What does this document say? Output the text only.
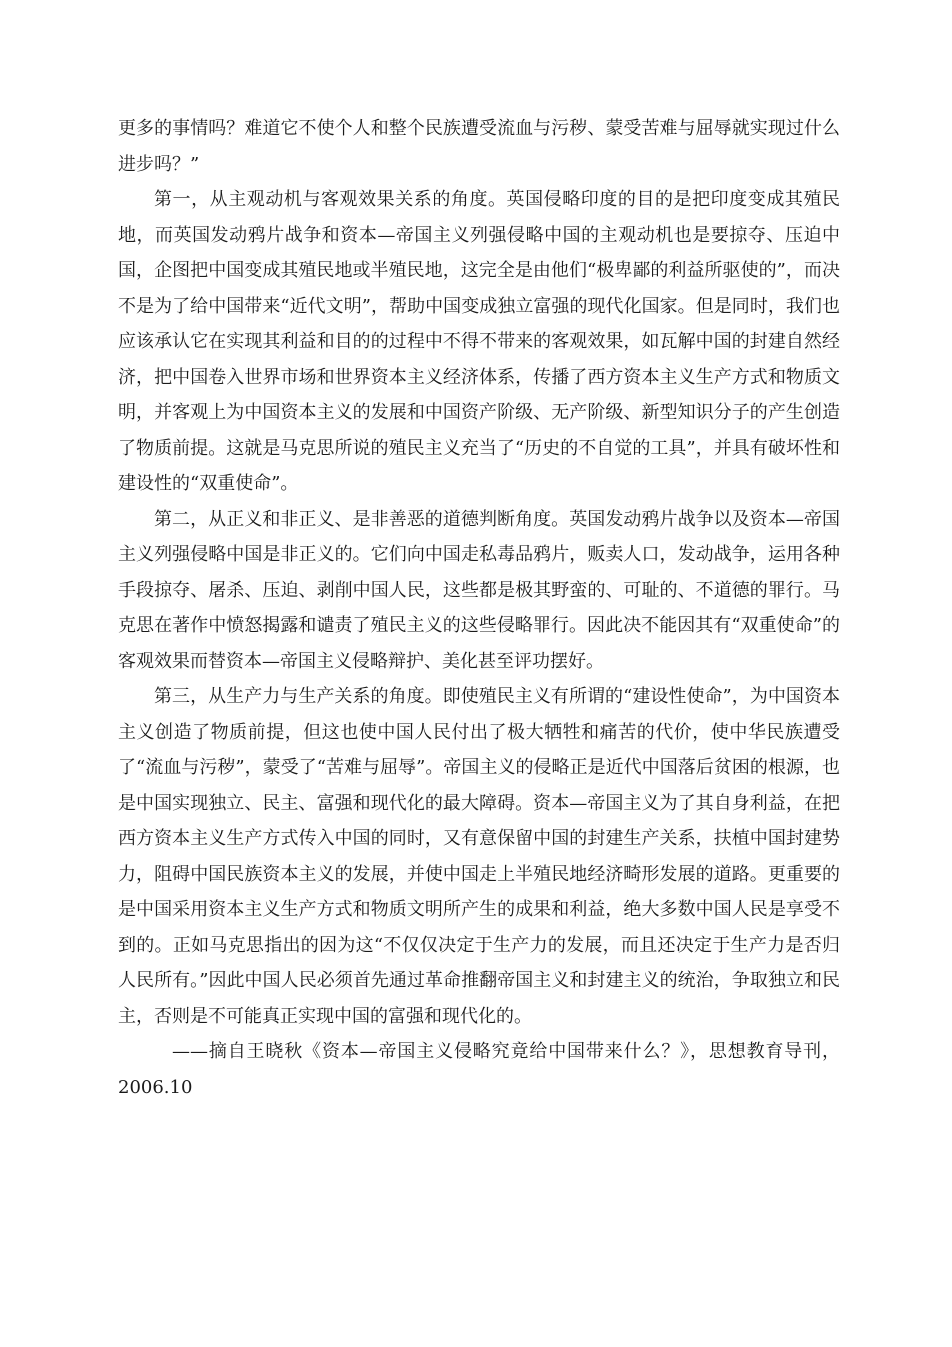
更多的事情吗？难道它不使个人和整个民族遭受流血与污秽、蒙受苦难与屈辱就实现过什么进步吗？”

第一，从主观动机与客观效果关系的角度。英国侵略印度的目的是把印度变成其殖民地，而英国发动鸦片战争和资本—帝国主义列强侵略中国的主观动机也是要掠夺、压迫中国，企图把中国变成其殖民地或半殖民地，这完全是由他们“极卑鄙的利益所驱使的”，而决不是为了给中国带来“近代文明”，帮助中国变成独立富强的现代化国家。但是同时，我们也应该承认它在实现其利益和目的的过程中不得不带来的客观效果，如瓦解中国的封建自然经济，把中国卷入世界市场和世界资本主义经济体系，传播了西方资本主义生产方式和物质文明，并客观上为中国资本主义的发展和中国资产阶级、无产阶级、新型知识分子的产生创造了物质前提。这就是马克思所说的殖民主义充当了“历史的不自觉的工具”，并具有破坏性和建设性的“双重使命”。

第二，从正义和非正义、是非善恶的道德判断角度。英国发动鸦片战争以及资本—帝国主义列强侵略中国是非正义的。它们向中国走私毒品鸦片，贩卖人口，发动战争，运用各种手段掠夺、屠杀、压迫、剥削中国人民，这些都是极其野蛮的、可耻的、不道德的罪行。马克思在著作中愤怒揭露和谴责了殖民主义的这些侵略罪行。因此决不能因其有“双重使命”的客观效果而替资本—帝国主义侵略辩护、美化甚至评功摆好。

第三，从生产力与生产关系的角度。即使殖民主义有所谓的“建设性使命”，为中国资本主义创造了物质前提，但这也使中国人民付出了极大牺牲和痛苦的代价，使中华民族遭受了“流血与污秽”，蒙受了“苦难与屈辱”。帝国主义的侵略正是近代中国落后贫困的根源，也是中国实现独立、民主、富强和现代化的最大障碍。资本—帝国主义为了其自身利益，在把西方资本主义生产方式传入中国的同时，又有意保留中国的封建生产关系，扶植中国封建势力，阻碍中国民族资本主义的发展，并使中国走上半殖民地经济畸形发展的道路。更重要的是中国采用资本主义生产方式和物质文明所产生的成果和利益，绝大多数中国人民是享受不到的。正如马克思指出的因为这“不仅仅决定于生产力的发展，而且还决定于生产力是否归人民所有。”因此中国人民必须首先通过革命推翻帝国主义和封建主义的统治，争取独立和民主，否则是不可能真正实现中国的富强和现代化的。

——摘自王晓秋《资本—帝国主义侵略究竟给中国带来什么？》，思想教育导刊，2006.10
